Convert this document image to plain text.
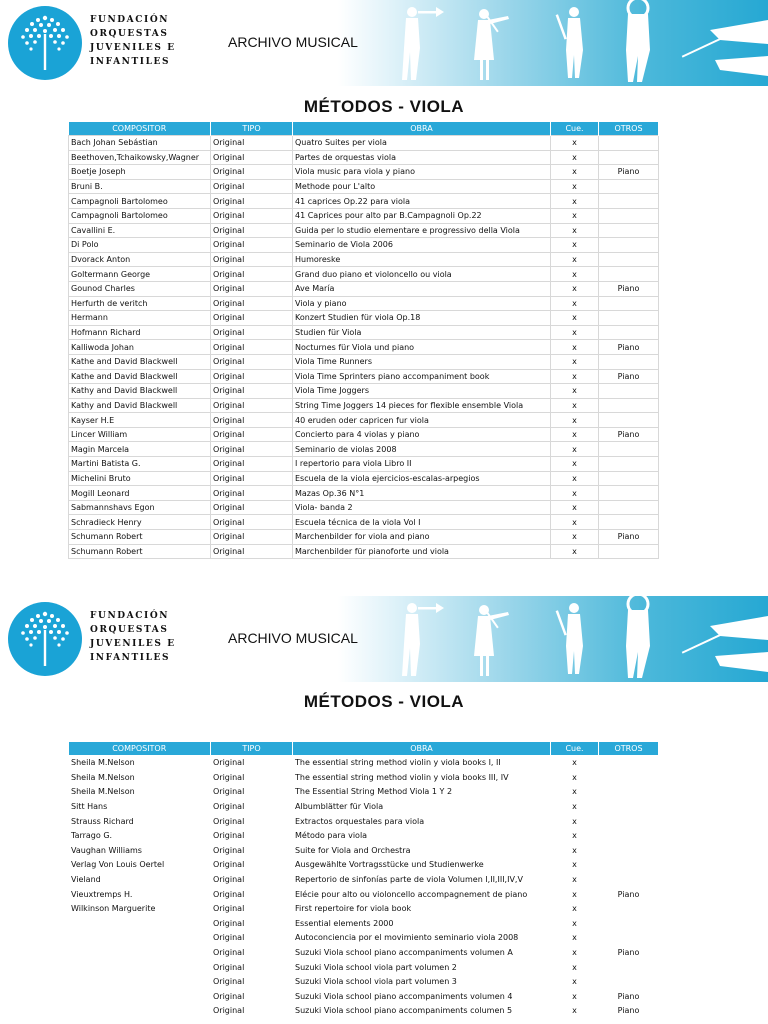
FUNDACIÓN
ORQUESTAS
JUVENILES E
INFANTILES
ARCHIVO MUSICAL
MÉTODOS - VIOLA
COMPOSITOR	TIPO	OBRA	Cue.	OTROS
Bach Johan Sebástian	Original	Quatro Suites per viola	x	
Beethoven,Tchaikowsky,Wagner	Original	Partes de orquestas viola	x	
Boetje Joseph	Original	Viola music para viola y piano	x	Piano
Bruni B.	Original	Methode pour L'alto	x	
Campagnoli Bartolomeo	Original	41 caprices Op.22 para viola	x	
Campagnoli Bartolomeo	Original	41 Caprices pour alto par B.Campagnoli Op.22	x	
Cavallini E.	Original	Guida per lo studio elementare e progressivo della Viola	x	
Di Polo	Original	Seminario de Viola 2006	x	
Dvorack Anton	Original	Humoreske	x	
Goltermann George	Original	Grand duo piano et violoncello ou viola	x	
Gounod Charles	Original	Ave María	x	Piano
Herfurth de veritch	Original	Viola y piano	x	
Hermann	Original	Konzert Studien für viola Op.18	x	
Hofmann Richard	Original	Studien für Viola	x	
Kalliwoda Johan	Original	Nocturnes für Viola und piano	x	Piano
Kathe and David Blackwell	Original	Viola Time Runners	x	
Kathe and David Blackwell	Original	Viola Time Sprinters piano accompaniment book	x	Piano
Kathy and David Blackwell	Original	Viola Time Joggers	x	
Kathy and David Blackwell	Original	String Time Joggers 14 pieces for flexible ensemble Viola	x	
Kayser H.E	Original	40 eruden oder capricen fur viola	x	
Lincer William	Original	Concierto para 4 violas y piano	x	Piano
Magin Marcela	Original	Seminario de violas 2008	x	
Martini Batista G.	Original	I repertorio para viola Libro II	x	
Michelini Bruto	Original	Escuela de la viola ejercicios-escalas-arpegios	x	
Mogill Leonard	Original	Mazas Op.36 N°1	x	
Sabmannshavs Egon	Original	Viola- banda 2	x	
Schradieck Henry	Original	Escuela técnica de la viola Vol I	x	
Schumann Robert	Original	Marchenbilder for viola and piano	x	Piano
Schumann Robert	Original	Marchenbilder für pianoforte und viola	x	
FUNDACIÓN
ORQUESTAS
JUVENILES E
INFANTILES
ARCHIVO MUSICAL
MÉTODOS - VIOLA
COMPOSITOR	TIPO	OBRA	Cue.	OTROS
Sheila M.Nelson	Original	The essential string method violin y viola books I, II	x	
Sheila M.Nelson	Original	The essential string method violin y viola books III, IV	x	
Sheila M.Nelson	Original	The Essential String Method Viola 1 Y 2	x	
Sitt Hans	Original	Albumblätter für Viola	x	
Strauss Richard	Original	Extractos orquestales para viola	x	
Tarrago G.	Original	Método para viola	x	
Vaughan Williams	Original	Suite for Viola and Orchestra	x	
Verlag Von Louis Oertel	Original	Ausgewählte Vortragsstücke und Studienwerke	x	
Vieland	Original	Repertorio de sinfonías parte de viola Volumen I,II,III,IV,V	x	
Vieuxtremps H.	Original	Elécie pour alto ou violoncello accompagnement de piano	x	Piano
Wilkinson Marguerite	Original	First repertoire for viola book	x	
	Original	Essential elements 2000	x	
	Original	Autoconciencia por el movimiento seminario viola 2008	x	
	Original	Suzuki Viola school piano accompaniments volumen A	x	Piano
	Original	Suzuki Viola school viola part volumen 2	x	
	Original	Suzuki Viola school viola part volumen 3	x	
	Original	Suzuki Viola school piano accompaniments volumen 4	x	Piano
	Original	Suzuki Viola school piano accompaniments columen 5	x	Piano
